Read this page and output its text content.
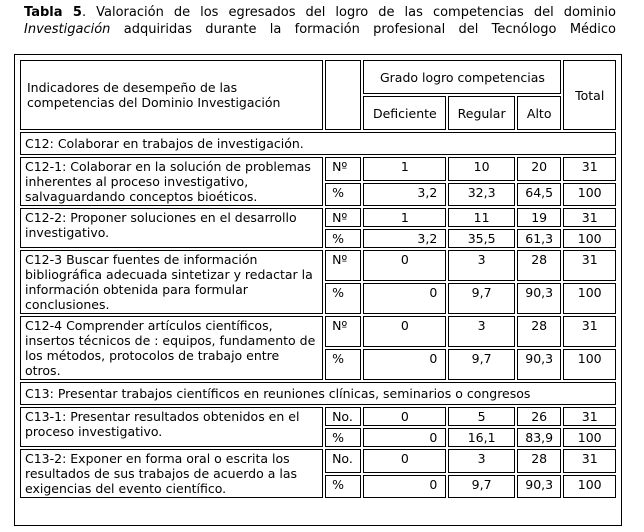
Tabla 5. Valoración de los egresados del logro de las competencias del dominio Investigación adquiridas durante la formación profesional del Tecnólogo Médico
Indicadores de desempeño de las competencias del Dominio Investigación		Grado logro competencias			Total
		Deficiente	Regular	Alto	
C12: Colaborar en trabajos de investigación.					
C12-1: Colaborar en la solución de problemas inherentes al proceso investigativo, salvaguardando conceptos bioéticos.	Nº	1	10	20	31
	%	3,2	32,3	64,5	100
C12-2: Proponer soluciones en el desarrollo investigativo.	Nº	1	11	19	31
	%	3,2	35,5	61,3	100
C12-3 Buscar fuentes de información bibliográfica adecuada sintetizar y redactar la información obtenida para formular conclusiones.	Nº	0	3	28	31
	%	0	9,7	90,3	100
C12-4 Comprender artículos científicos, insertos técnicos de : equipos, fundamento de los métodos, protocolos de trabajo entre otros.	Nº	0	3	28	31
	%	0	9,7	90,3	100
C13: Presentar trabajos científicos en reuniones clínicas, seminarios o congresos					
C13-1: Presentar resultados obtenidos en el proceso investigativo.	No.	0	5	26	31
	%	0	16,1	83,9	100
C13-2: Exponer en forma oral o escrita los resultados de sus trabajos de acuerdo a las exigencias del evento científico.	No.	0	3	28	31
	%	0	9,7	90,3	100
